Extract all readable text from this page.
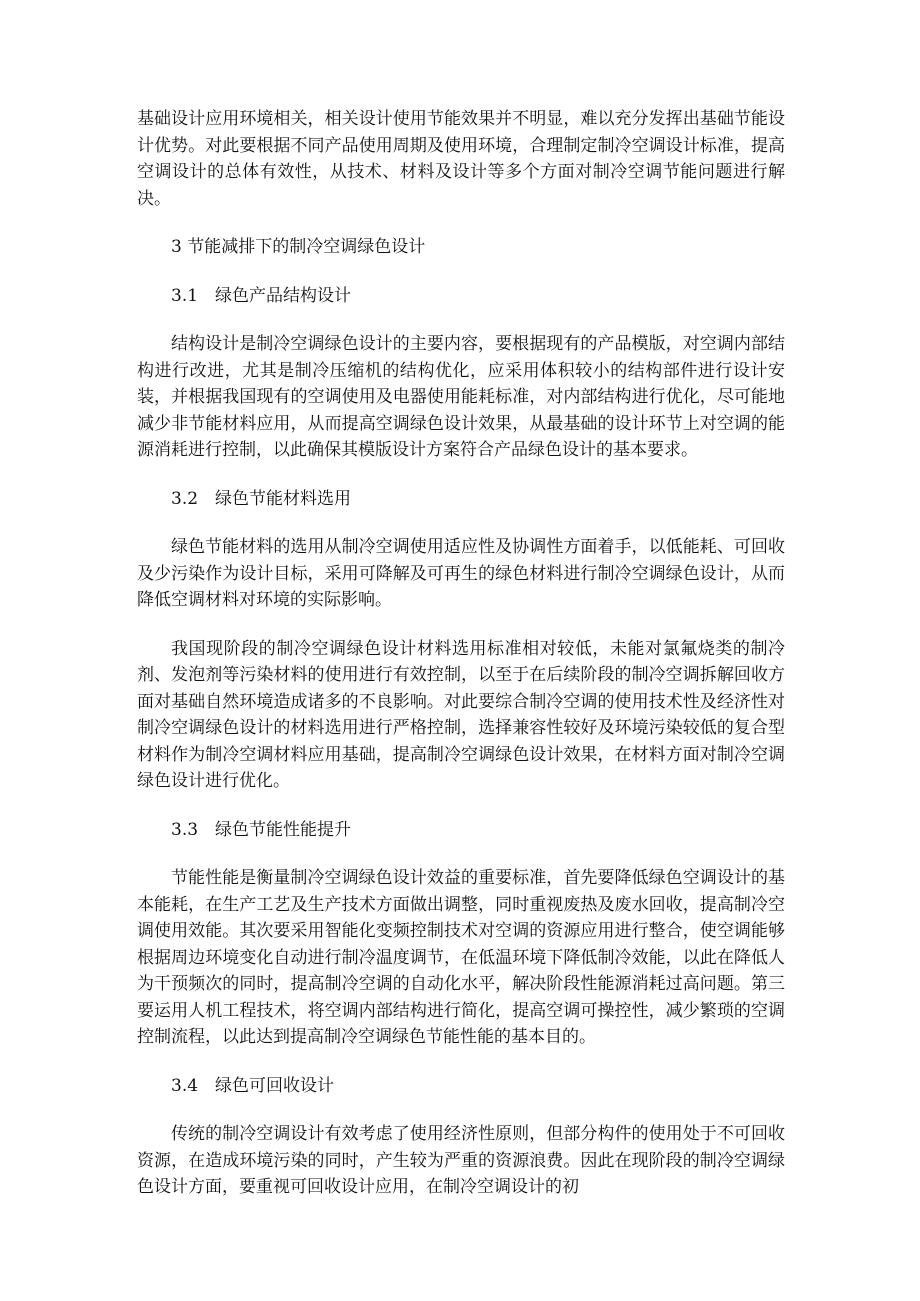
基础设计应用环境相关，相关设计使用节能效果并不明显，难以充分发挥出基础节能设计优势。对此要根据不同产品使用周期及使用环境，合理制定制冷空调设计标准，提高空调设计的总体有效性，从技术、材料及设计等多个方面对制冷空调节能问题进行解决。

3 节能减排下的制冷空调绿色设计

3.1 绿色产品结构设计

结构设计是制冷空调绿色设计的主要内容，要根据现有的产品模版，对空调内部结构进行改进，尤其是制冷压缩机的结构优化，应采用体积较小的结构部件进行设计安装，并根据我国现有的空调使用及电器使用能耗标准，对内部结构进行优化，尽可能地减少非节能材料应用，从而提高空调绿色设计效果，从最基础的设计环节上对空调的能源消耗进行控制，以此确保其模版设计方案符合产品绿色设计的基本要求。

3.2 绿色节能材料选用

绿色节能材料的选用从制冷空调使用适应性及协调性方面着手，以低能耗、可回收及少污染作为设计目标，采用可降解及可再生的绿色材料进行制冷空调绿色设计，从而降低空调材料对环境的实际影响。

我国现阶段的制冷空调绿色设计材料选用标准相对较低，未能对氯氟烧类的制冷剂、发泡剂等污染材料的使用进行有效控制，以至于在后续阶段的制冷空调拆解回收方面对基础自然环境造成诸多的不良影响。对此要综合制冷空调的使用技术性及经济性对制冷空调绿色设计的材料选用进行严格控制，选择兼容性较好及环境污染较低的复合型材料作为制冷空调材料应用基础，提高制冷空调绿色设计效果，在材料方面对制冷空调绿色设计进行优化。

3.3 绿色节能性能提升

节能性能是衡量制冷空调绿色设计效益的重要标准，首先要降低绿色空调设计的基本能耗，在生产工艺及生产技术方面做出调整，同时重视废热及废水回收，提高制冷空调使用效能。其次要采用智能化变频控制技术对空调的资源应用进行整合，使空调能够根据周边环境变化自动进行制冷温度调节，在低温环境下降低制冷效能，以此在降低人为干预频次的同时，提高制冷空调的自动化水平，解决阶段性能源消耗过高问题。第三要运用人机工程技术，将空调内部结构进行简化，提高空调可操控性，减少繁琐的空调控制流程，以此达到提高制冷空调绿色节能性能的基本目的。

3.4 绿色可回收设计

传统的制冷空调设计有效考虑了使用经济性原则，但部分构件的使用处于不可回收资源，在造成环境污染的同时，产生较为严重的资源浪费。因此在现阶段的制冷空调绿色设计方面，要重视可回收设计应用，在制冷空调设计的初
